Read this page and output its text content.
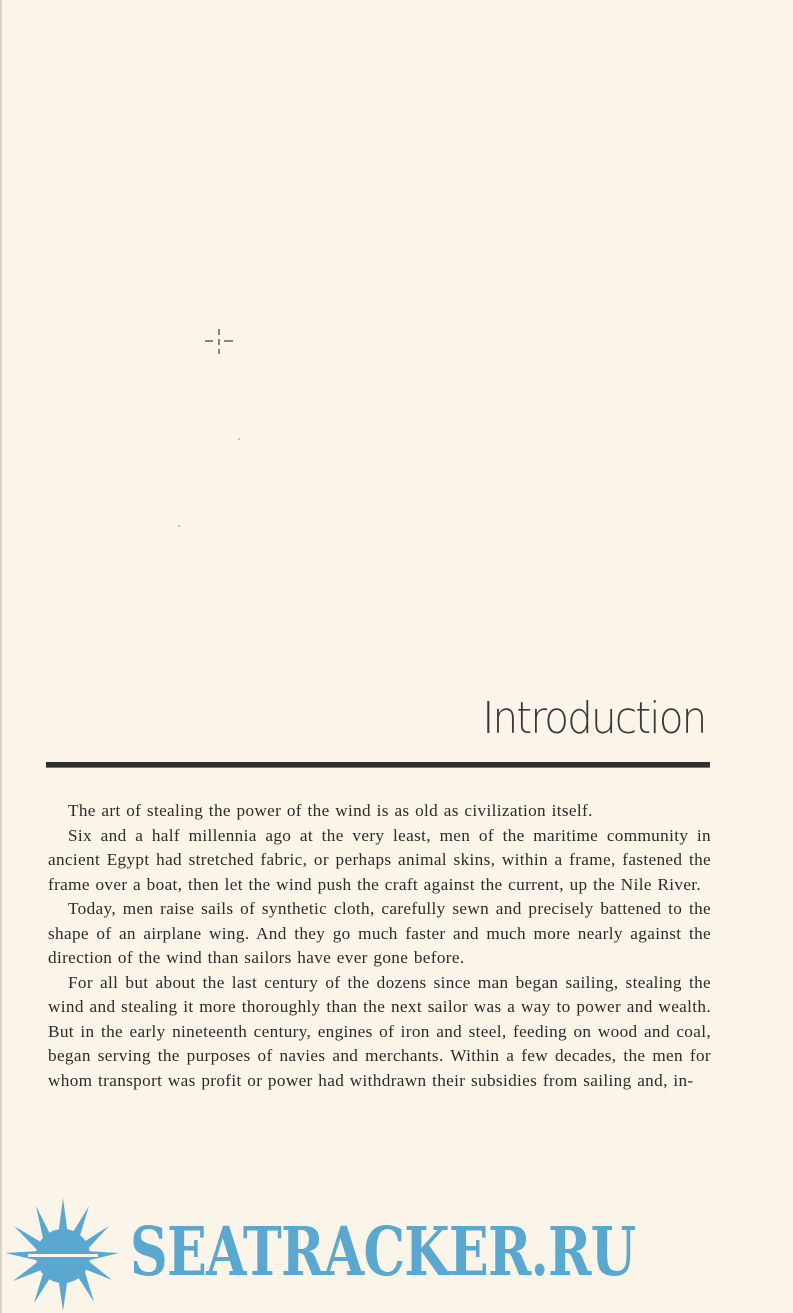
Introduction

The art of stealing the power of the wind is as old as civilization itself.

Six and a half millennia ago at the very least, men of the maritime community in ancient Egypt had stretched fabric, or perhaps animal skins, within a frame, fastened the frame over a boat, then let the wind push the craft against the current, up the Nile River.

Today, men raise sails of synthetic cloth, carefully sewn and precisely battened to the shape of an airplane wing. And they go much faster and much more nearly against the direction of the wind than sailors have ever gone before.

For all but about the last century of the dozens since man began sailing, stealing the wind and stealing it more thoroughly than the next sailor was a way to power and wealth. But in the early nineteenth century, engines of iron and steel, feeding on wood and coal, began serving the purposes of navies and merchants. Within a few decades, the men for whom transport was profit or power had withdrawn their subsidies from sailing and, in-

SEATRACKER.RU
